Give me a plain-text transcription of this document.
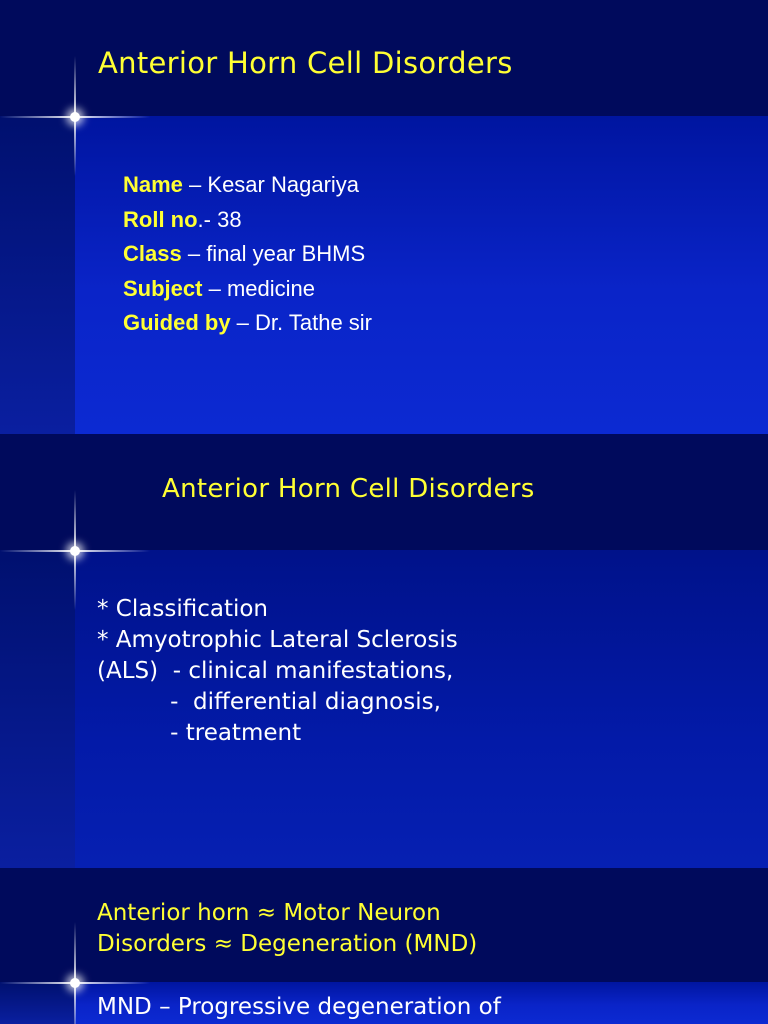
Anterior Horn Cell Disorders
Name – Kesar Nagariya
Roll no.- 38
Class – final year BHMS
Subject – medicine
Guided by – Dr. Tathe sir
Anterior Horn Cell Disorders
* Classification
* Amyotrophic Lateral Sclerosis
(ALS)  - clinical manifestations,
-  differential diagnosis,
- treatment
Anterior horn ≈ Motor Neuron
Disorders ≈ Degeneration (MND)
MND – Progressive degeneration of
